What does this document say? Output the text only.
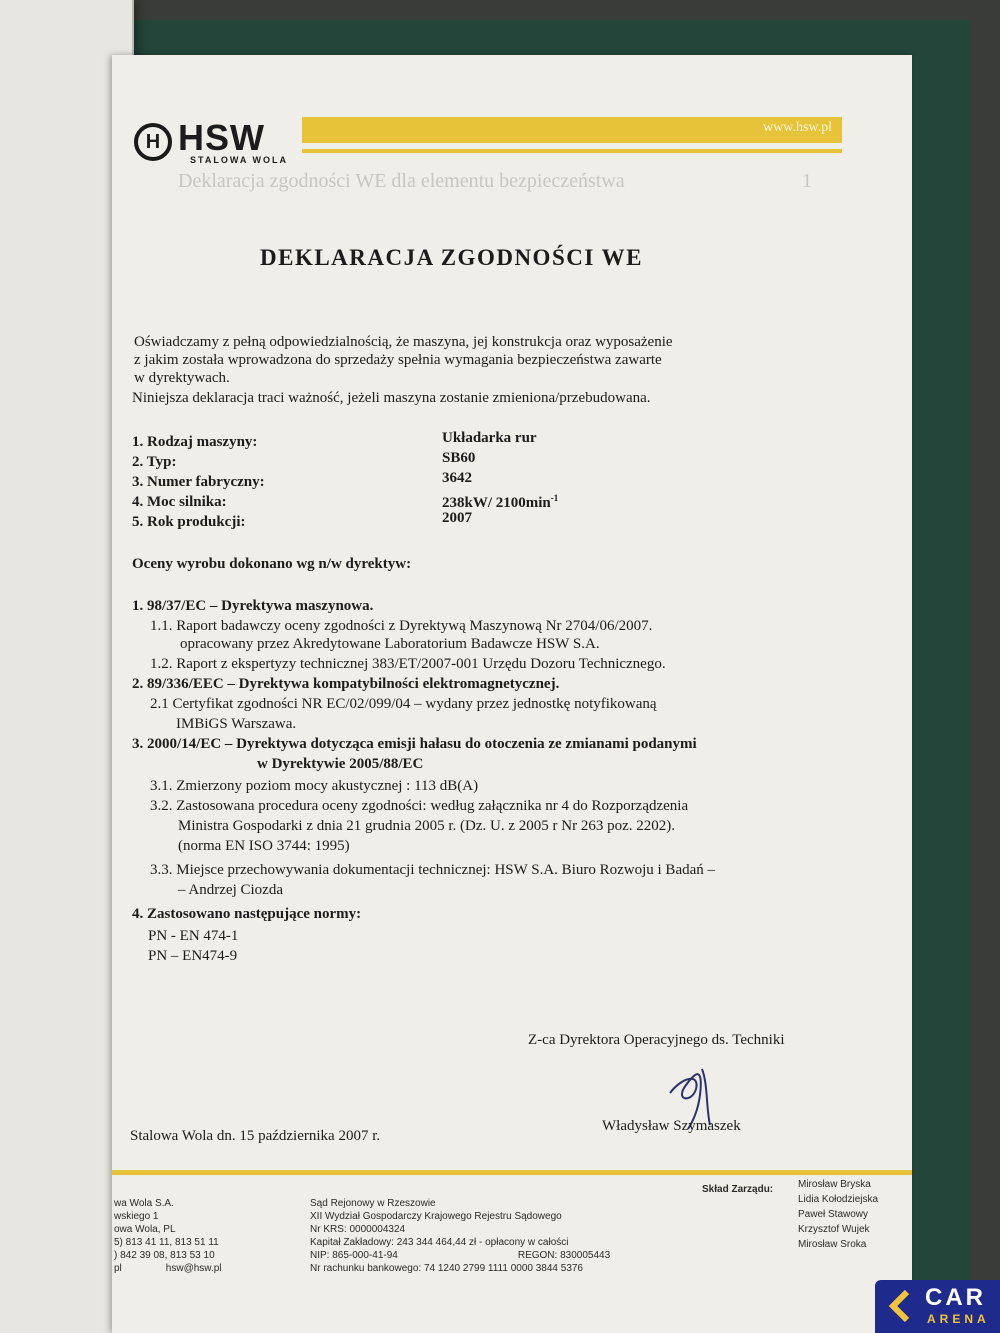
H HSW
STALOWA WOLA
www.hsw.pl
Deklaracja zgodności WE dla elementu bezpieczeństwa	1
DEKLARACJA ZGODNOŚCI WE
Oświadczamy z pełną odpowiedzialnością, że maszyna, jej konstrukcja oraz wyposażenie
z jakim została wprowadzona do sprzedaży spełnia wymagania bezpieczeństwa zawarte
w dyrektywach.
Niniejsza deklaracja traci ważność, jeżeli maszyna zostanie zmieniona/przebudowana.
1. Rodzaj maszyny:	Układarka rur
2. Typ:	SB60
3. Numer fabryczny:	3642
4. Moc silnika:	238kW/ $2100\min^{-1}$
5. Rok produkcji:	2007
Oceny wyrobu dokonano wg n/w dyrektyw:
1. 98/37/EC – Dyrektywa maszynowa.
1.1. Raport badawczy oceny zgodności z Dyrektywą Maszynową Nr 2704/06/2007.
opracowany przez Akredytowane Laboratorium Badawcze HSW S.A.
1.2. Raport z ekspertyzy technicznej 383/ET/2007-001 Urzędu Dozoru Technicznego.
2. 89/336/EEC – Dyrektywa kompatybilności elektromagnetycznej.
2.1 Certyfikat zgodności NR EC/02/099/04 – wydany przez jednostkę notyfikowaną
IMBiGS Warszawa.
3. 2000/14/EC – Dyrektywa dotycząca emisji hałasu do otoczenia ze zmianami podanymi
w Dyrektywie 2005/88/EC
3.1. Zmierzony poziom mocy akustycznej : 113 dB(A)
3.2. Zastosowana procedura oceny zgodności: według załącznika nr 4 do Rozporządzenia
Ministra Gospodarki z dnia 21 grudnia 2005 r. (Dz. U. z 2005 r Nr 263 poz. 2202).
(norma EN ISO 3744: 1995)
3.3. Miejsce przechowywania dokumentacji technicznej: HSW S.A. Biuro Rozwoju i Badań –
– Andrzej Ciozda
4. Zastosowano następujące normy:
PN - EN 474-1
PN – EN474-9
Z-ca Dyrektora Operacyjnego ds. Techniki
Władysław Szymaszek
Stalowa Wola dn. 15 października 2007 r.
wa Wola S.A.
wskiego 1
owa Wola, PL
5) 813 41 11, 813 51 11
) 842 39 08, 813 53 10
pl	hsw@hsw.pl
Sąd Rejonowy w Rzeszowie
XII Wydział Gospodarczy Krajowego Rejestru Sądowego
Nr KRS: 0000004324
Kapitał Zakładowy: 243 344 464,44 zł - opłacony w całości
NIP: 865-000-41-94	REGON: 830005443
Nr rachunku bankowego: 74 1240 2799 1111 0000 3844 5376
Skład Zarządu: Mirosław Bryska
Lidia Kołodziejska
Paweł Stawowy
Krzysztof Wujek
Mirosław Sroka
CAR
ARENA
